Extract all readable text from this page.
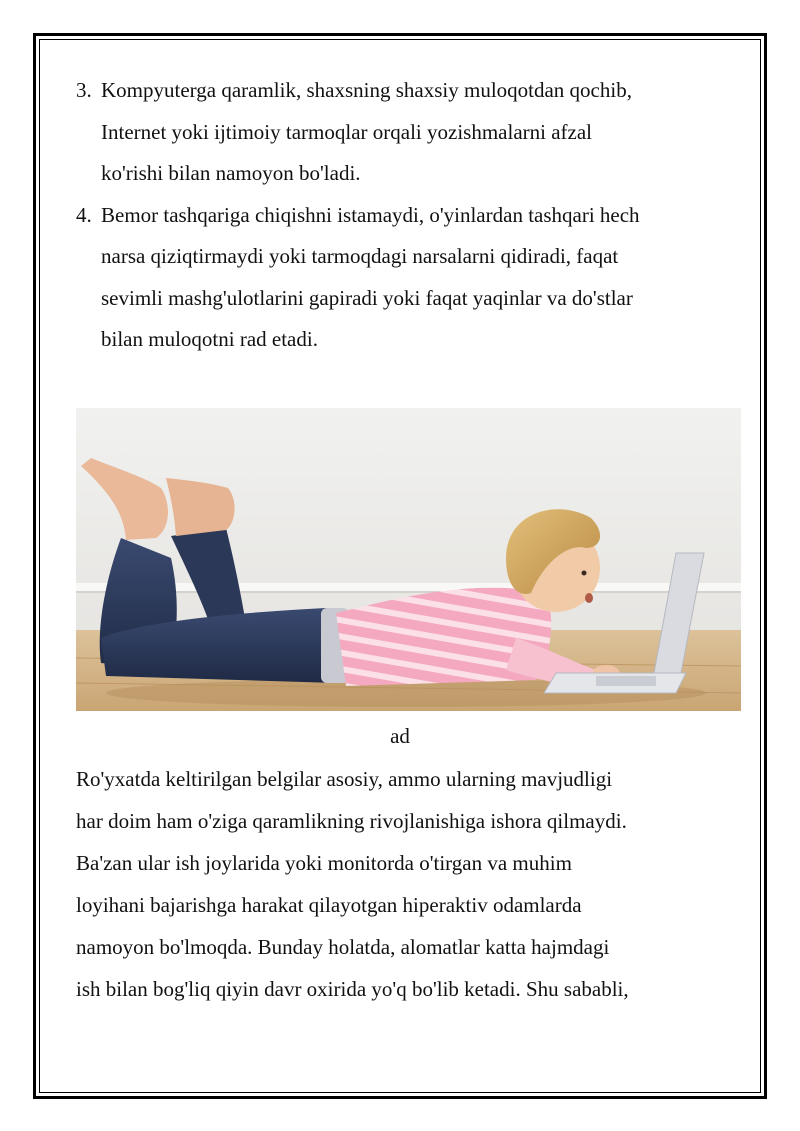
3. Kompyuterga qaramlik, shaxsning shaxsiy muloqotdan qochib,
Internet yoki ijtimoiy tarmoqlar orqali yozishmalarni afzal
ko'rishi bilan namoyon bo'ladi.
4. Bemor tashqariga chiqishni istamaydi, o'yinlardan tashqari hech
narsa qiziqtirmaydi yoki tarmoqdagi narsalarni qidiradi, faqat
sevimli mashg'ulotlarini gapiradi yoki faqat yaqinlar va do'stlar
bilan muloqotni rad etadi.
ad

Ro'yxatda keltirilgan belgilar asosiy, ammo ularning mavjudligi
har doim ham o'ziga qaramlikning rivojlanishiga ishora qilmaydi.
Ba'zan ular ish joylarida yoki monitorda o'tirgan va muhim
loyihani bajarishga harakat qilayotgan hiperaktiv odamlarda
namoyon bo'lmoqda. Bunday holatda, alomatlar katta hajmdagi
ish bilan bog'liq qiyin davr oxirida yo'q bo'lib ketadi. Shu sababli,
